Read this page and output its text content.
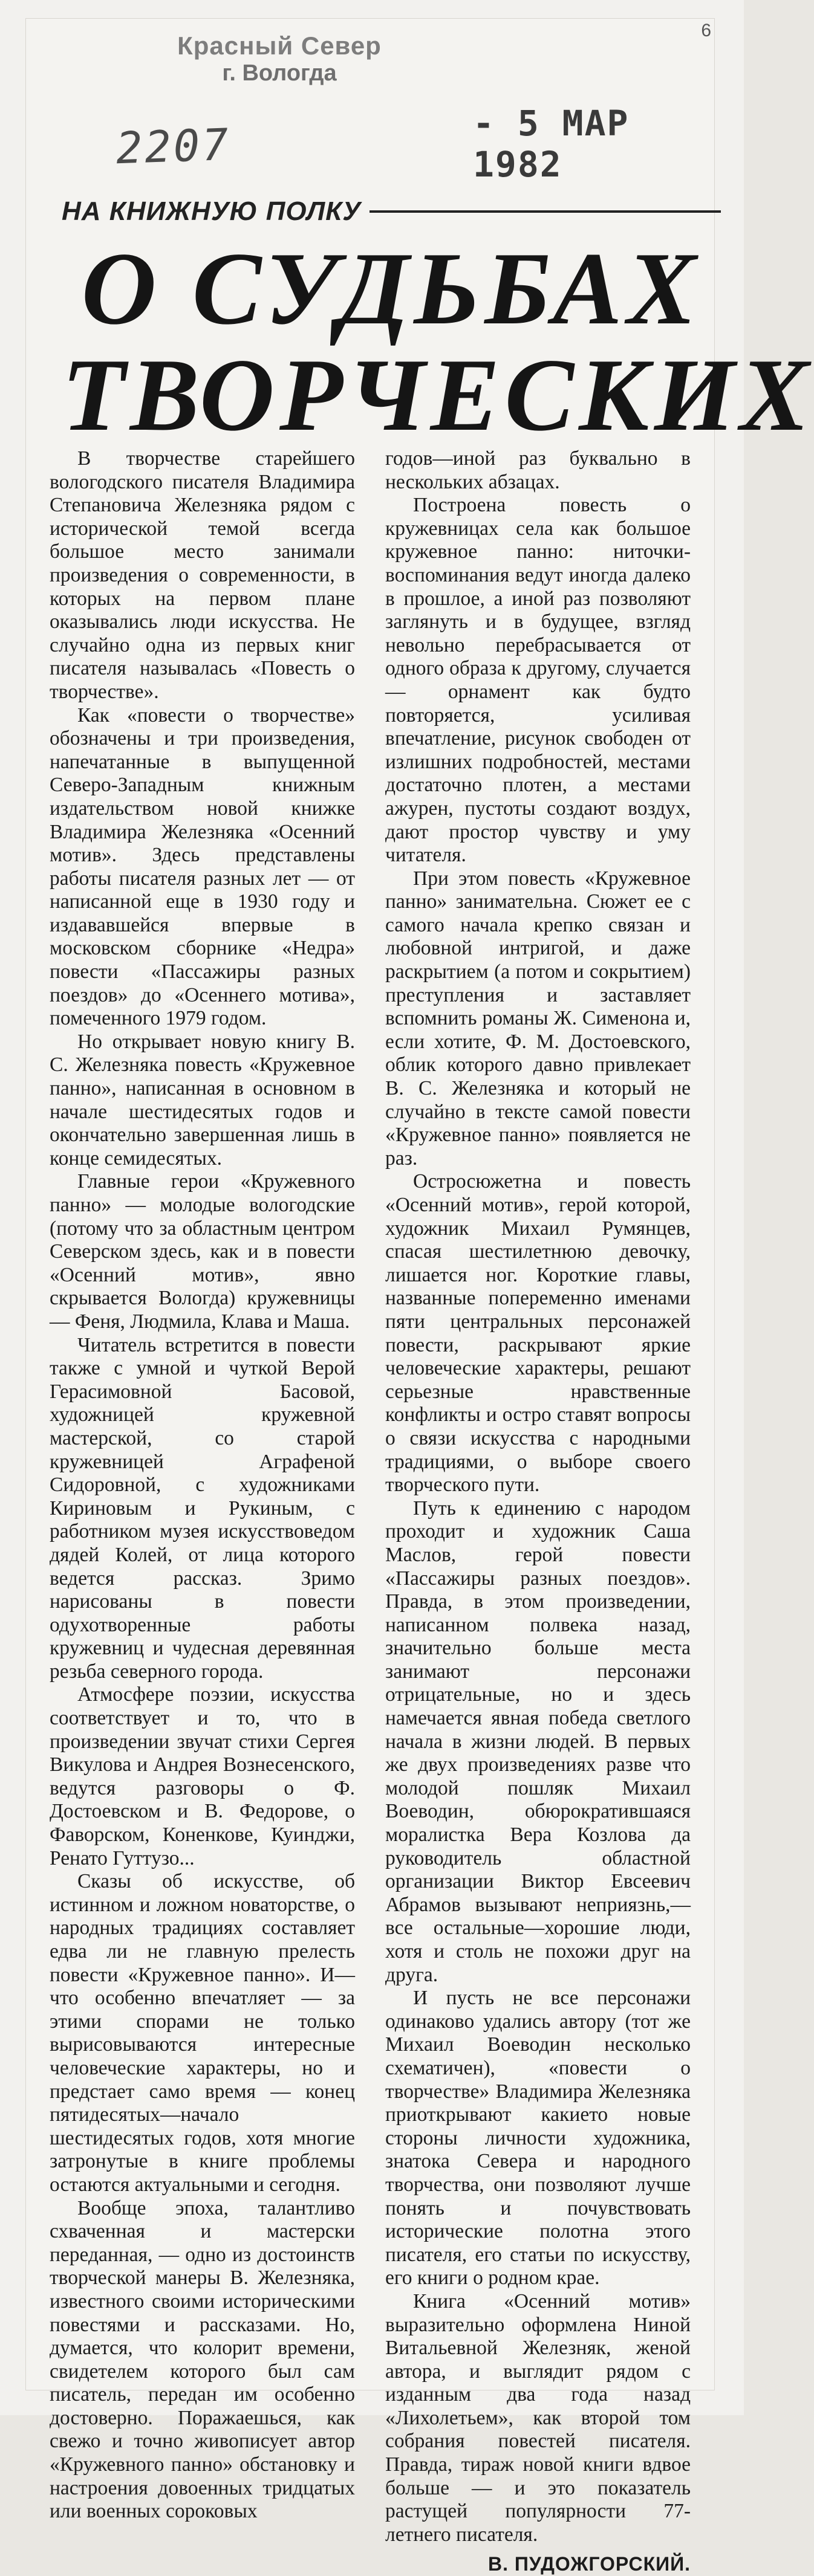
6
Красный Север
г. Вологда
2207	- 5 МАР 1982
НА КНИЖНУЮ ПОЛКУ
О СУДЬБАХ
ТВОРЧЕСКИХ

В творчестве старейшего вологодского писателя Владимира Степановича Железняка рядом с исторической темой всегда большое место занимали произведения о современности, в которых на первом плане оказывались люди искусства. Не случайно одна из первых книг писателя называлась «Повесть о творчестве».

Как «повести о творчестве» обозначены и три произведения, напечатанные в выпущенной Северо-Западным книжным издательством новой книжке Владимира Железняка «Осенний мотив». Здесь представлены работы писателя разных лет — от написанной еще в 1930 году и издававшейся впервые в московском сборнике «Недра» повести «Пассажиры разных поездов» до «Осеннего мотива», помеченного 1979 годом.

Но открывает новую книгу В. С. Железняка повесть «Кружевное панно», написанная в основном в начале шестидесятых годов и окончательно завершенная лишь в конце семидесятых.

Главные герои «Кружевного панно» — молодые вологодские (потому что за областным центром Северском здесь, как и в повести «Осенний мотив», явно скрывается Вологда) кружевницы — Феня, Людмила, Клава и Маша.

Читатель встретится в повести также с умной и чуткой Верой Герасимовной Басовой, художницей кружевной мастерской, со старой кружевницей Аграфеной Сидоровной, с художниками Кириновым и Рукиным, с работником музея искусствоведом дядей Колей, от лица которого ведется рассказ. Зримо нарисованы в повести одухотворенные работы кружевниц и чудесная деревянная резьба северного города.

Атмосфере поэзии, искусства соответствует и то, что в произведении звучат стихи Сергея Викулова и Андрея Вознесенского, ведутся разговоры о Ф. Достоевском и В. Федорове, о Фаворском, Коненкове, Куинджи, Ренато Гуттузо...

Сказы об искусстве, об истинном и ложном новаторстве, о народных традициях составляет едва ли не главную прелесть повести «Кружевное панно». И—что особенно впечатляет — за этими спорами не только вырисовываются интересные человеческие характеры, но и предстает само время — конец пятидесятых—начало шестидесятых годов, хотя многие затронутые в книге проблемы остаются актуальными и сегодня.

Вообще эпоха, талантливо схваченная и мастерски переданная, — одно из достоинств творческой манеры В. Железняка, известного своими историческими повестями и рассказами. Но, думается, что колорит времени, свидетелем которого был сам писатель, передан им особенно достоверно. Поражаешься, как свежо и точно живописует автор «Кружевного панно» обстановку и настроения довоенных тридцатых или военных сороковых

годов—иной раз буквально в нескольких абзацах.

Построена повесть о кружевницах села как большое кружевное панно: ниточки-воспоминания ведут иногда далеко в прошлое, а иной раз позволяют заглянуть и в будущее, взгляд невольно перебрасывается от одного образа к другому, случается — орнамент как будто повторяется, усиливая впечатление, рисунок свободен от излишних подробностей, местами достаточно плотен, а местами ажурен, пустоты создают воздух, дают простор чувству и уму читателя.

При этом повесть «Кружевное панно» занимательна. Сюжет ее с самого начала крепко связан и любовной интригой, и даже раскрытием (а потом и сокрытием) преступления и заставляет вспомнить романы Ж. Сименона и, если хотите, Ф. М. Достоевского, облик которого давно привлекает В. С. Железняка и который не случайно в тексте самой повести «Кружевное панно» появляется не раз.

Остросюжетна и повесть «Осенний мотив», герой которой, художник Михаил Румянцев, спасая шестилетнюю девочку, лишается ног. Короткие главы, названные попеременно именами пяти центральных персонажей повести, раскрывают яркие человеческие характеры, решают серьезные нравственные конфликты и остро ставят вопросы о связи искусства с народными традициями, о выборе своего творческого пути.

Путь к единению с народом проходит и художник Саша Маслов, герой повести «Пассажиры разных поездов». Правда, в этом произведении, написанном полвека назад, значительно больше места занимают персонажи отрицательные, но и здесь намечается явная победа светлого начала в жизни людей. В первых же двух произведениях разве что молодой пошляк Михаил Воеводин, обюрократившаяся моралистка Вера Козлова да руководитель областной организации Виктор Евсеевич Абрамов вызывают неприязнь,—все остальные—хорошие люди, хотя и столь не похожи друг на друга.

И пусть не все персонажи одинаково удались автору (тот же Михаил Воеводин несколько схематичен), «повести о творчестве» Владимира Железняка приоткрывают какието новые стороны личности художника, знатока Севера и народного творчества, они позволяют лучше понять и почувствовать исторические полотна этого писателя, его статьи по искусству, его книги о родном крае.

Книга «Осенний мотив» выразительно оформлена Ниной Витальевной Железняк, женой автора, и выглядит рядом с изданным два года назад «Лихолетьем», как второй том собрания повестей писателя. Правда, тираж новой книги вдвое больше — и это показатель растущей популярности 77-летнего писателя.

В. ПУДОЖГОРСКИЙ.
